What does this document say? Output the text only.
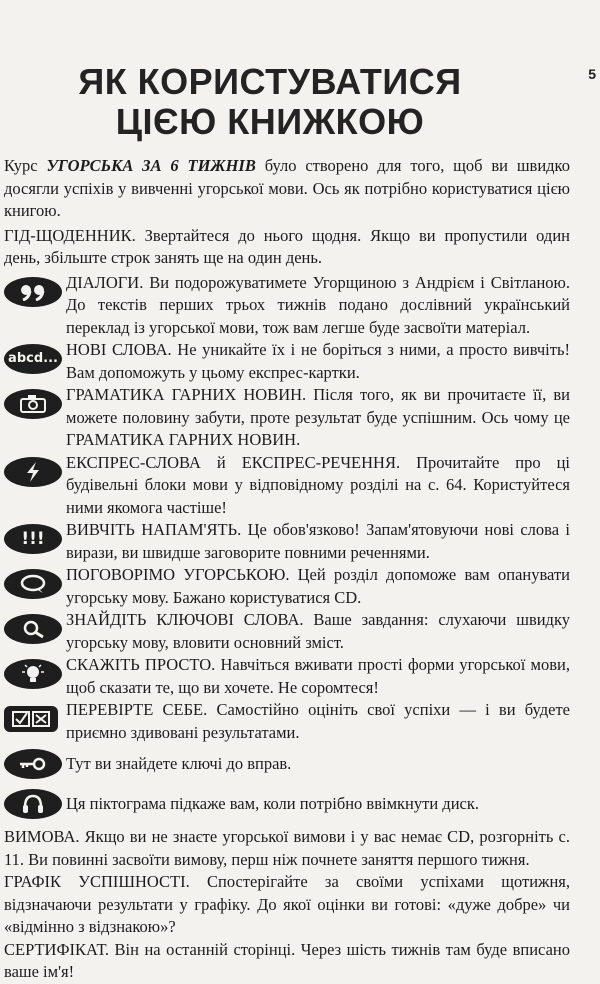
5
ЯК КОРИСТУВАТИСЯ
ЦІЄЮ КНИЖКОЮ

Курс УГОРСЬКА ЗА 6 ТИЖНІВ було створено для того, щоб ви швидко досягли успіхів у вивченні угорської мови. Ось як потрібно користуватися цією книгою.

ГІД-ЩОДЕННИК. Звертайтеся до нього щодня. Якщо ви пропустили один день, збільште строк занять ще на один день.

ДІАЛОГИ. Ви подорожуватимете Угорщиною з Андрієм і Світланою. До текстів перших трьох тижнів подано дослівний український переклад із угорської мови, тож вам легше буде засвоїти матеріал.
abcd... НОВІ СЛОВА. Не уникайте їх і не боріться з ними, а просто вивчіть! Вам допоможуть у цьому експрес-картки.
ГРАМАТИКА ГАРНИХ НОВИН. Після того, як ви прочитаєте її, ви можете половину забути, проте результат буде успішним. Ось чому це ГРАМАТИКА ГАРНИХ НОВИН.
ЕКСПРЕС-СЛОВА й ЕКСПРЕС-РЕЧЕННЯ. Прочитайте про ці будівельні блоки мови у відповідному розділі на с. 64. Користуйтеся ними якомога частіше!
!!!	ВИВЧІТЬ НАПАМ'ЯТЬ. Це обов'язково! Запам'ятовуючи нові слова і вирази, ви швидше заговорите повними реченнями.
ПОГОВОРІМО УГОРСЬКОЮ. Цей розділ допоможе вам опанувати угорську мову. Бажано користуватися CD.
ЗНАЙДІТЬ КЛЮЧОВІ СЛОВА. Ваше завдання: слухаючи швидку угорську мову, вловити основний зміст.
СКАЖІТЬ ПРОСТО. Навчіться вживати прості форми угорської мови, щоб сказати те, що ви хочете. Не соромтеся!
ПЕРЕВІРТЕ СЕБЕ. Самостійно оцініть свої успіхи — і ви будете приємно здивовані результатами.
Тут ви знайдете ключі до вправ.
Ця піктограма підкаже вам, коли потрібно ввімкнути диск.

ВИМОВА. Якщо ви не знаєте угорської вимови і у вас немає CD, розгорніть с. 11. Ви повинні засвоїти вимову, перш ніж почнете заняття першого тижня.

ГРАФІК УСПІШНОСТІ. Спостерігайте за своїми успіхами щотижня, відзначаючи результати у графіку. До якої оцінки ви готові: «дуже добре» чи «відмінно з відзнакою»?

СЕРТИФІКАТ. Він на останній сторінці. Через шість тижнів там буде вписано ваше ім'я!
